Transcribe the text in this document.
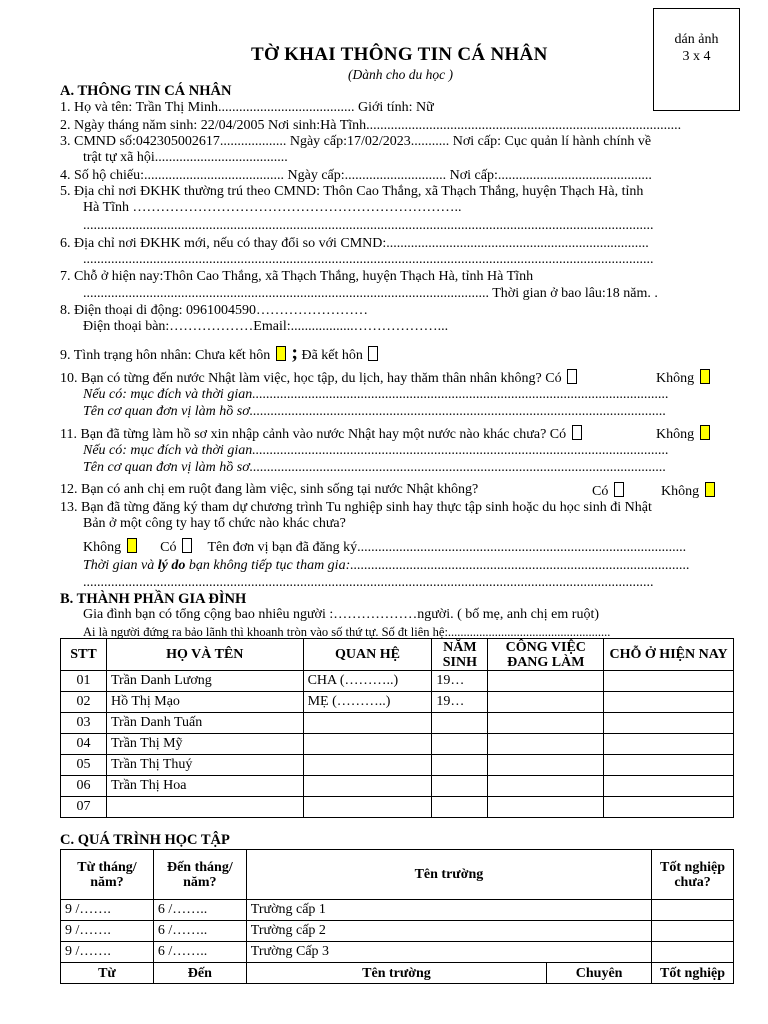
dán ảnh
3 x 4
TỜ KHAI THÔNG TIN CÁ NHÂN
(Dành cho du học )
A. THÔNG TIN CÁ NHÂN
1. Họ và tên: Trần Thị Minh....................................... Giới tính: Nữ
2. Ngày tháng năm sinh: 22/04/2005 Nơi sinh:Hà Tĩnh..........................................................................................
3. CMND số:042305002617................... Ngày cấp:17/02/2023........... Nơi cấp: Cục quản lí hành chính về
trật tự xã hội......................................
4. Số hộ chiếu:........................................ Ngày cấp:............................. Nơi cấp:............................................
5. Địa chỉ nơi ĐKHK thường trú theo CMND: Thôn Cao Thắng, xã Thạch Thắng, huyện Thạch Hà, tỉnh
Hà Tĩnh ……………………………………………………………..
...................................................................................................................................................................
6. Địa chỉ nơi ĐKHK mới, nếu có thay đổi so với CMND:...........................................................................
...................................................................................................................................................................
7. Chỗ ở hiện nay:Thôn Cao Thắng, xã Thạch Thắng, huyện Thạch Hà, tỉnh Hà Tĩnh
.................................................................................................................... Thời gian ở bao lâu:18 năm. .
8. Điện thoại di động: 0961004590……………………
Điện thoại bàn:………………Email:..................………………...
9. Tình trạng hôn nhân: Chưa kết hôn ; Đã kết hôn
10. Bạn có từng đến nước Nhật làm việc, học tập, du lịch, hay thăm thân nhân không? Có	Không
Nếu có: mục đích và thời gian.......................................................................................................................
Tên cơ quan đơn vị làm hồ sơ.......................................................................................................................
11. Bạn đã từng làm hồ sơ xin nhập cảnh vào nước Nhật hay một nước nào khác chưa? Có	Không
Nếu có: mục đích và thời gian.......................................................................................................................
Tên cơ quan đơn vị làm hồ sơ.......................................................................................................................
12. Bạn có anh chị em ruột đang làm việc, sinh sống tại nước Nhật không?	Có	Không
13. Bạn đã từng đăng ký tham dự chương trình Tu nghiệp sinh hay thực tập sinh hoặc du học sinh đi Nhật
Bản ở một công ty hay tổ chức nào khác chưa?
Không	Có Tên đơn vị bạn đã đăng ký..............................................................................................
Thời gian và lý do bạn không tiếp tục tham gia:.................................................................................................
...................................................................................................................................................................
B. THÀNH PHẦN GIA ĐÌNH
Gia đình bạn có tổng cộng bao nhiêu người :………………người. ( bố mẹ, anh chị em ruột)
Ai là người đứng ra bảo lãnh thì khoanh tròn vào số thứ tự. Số đt liên hệ:....................................................
STT	HỌ VÀ TÊN	QUAN HỆ	NĂM SINH	CÔNG VIỆC ĐANG LÀM	CHỖ Ở HIỆN NAY
01	Trần Danh Lương	CHA (………..)	19…		
02	Hồ Thị Mạo	MẸ (………..)	19…		
03	Trần Danh Tuấn				
04	Trần Thị Mỹ				
05	Trần Thị Thuý				
06	Trần Thị Hoa				
07					
C. QUÁ TRÌNH HỌC TẬP
Từ tháng/ năm?	Đến tháng/ năm?	Tên trường		Tốt nghiệp chưa?
9 /…….	6 /……..	Trường cấp 1		
9 /…….	6 /……..	Trường cấp 2		
9 /…….	6 /……..	Trường Cấp 3		
Từ	Đến	Tên trường	Chuyên	Tốt nghiệp
